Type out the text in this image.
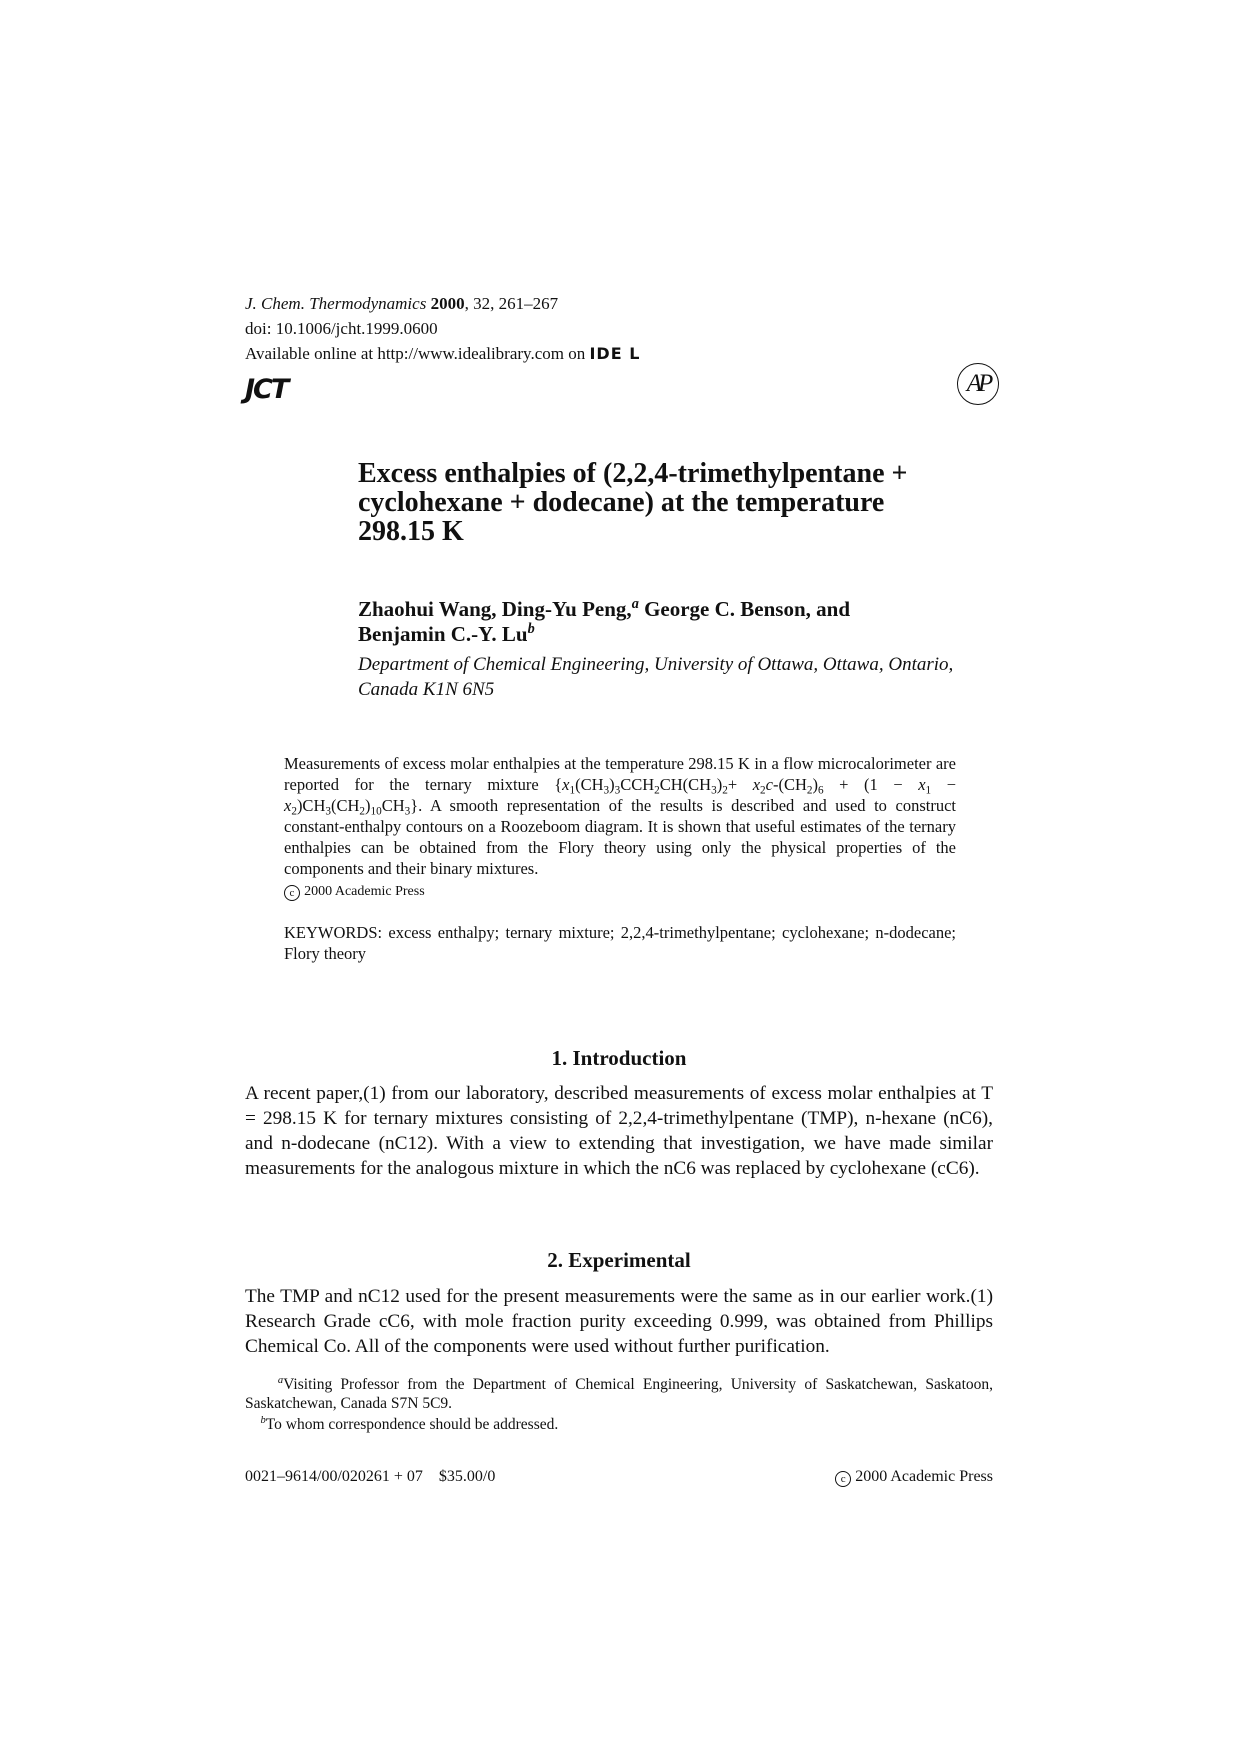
J. Chem. Thermodynamics 2000, 32, 261–267
doi: 10.1006/jcht.1999.0600
Available online at http://www.idealibrary.com on IDE L
JCT	AP
Excess enthalpies of (2,2,4-trimethylpentane + cyclohexane + dodecane) at the temperature 298.15 K
Zhaohui Wang, Ding-Yu Peng,$^a$ George C. Benson, and
Benjamin C.-Y. Lu$^b$
Department of Chemical Engineering, University of Ottawa, Ottawa, Ontario, Canada K1N 6N5

Measurements of excess molar enthalpies at the temperature 298.15 K in a flow microcalorimeter are reported for the ternary mixture $\{x_1(CH_3)_3CCH_2CH(CH_3)_2+ x_2c-(CH_2)_6 + (1 - x_1 - x_2)CH_3(CH_2)_{10}CH_3\}$. A smooth representation of the results is described and used to construct constant-enthalpy contours on a Roozeboom diagram. It is shown that useful estimates of the ternary enthalpies can be obtained from the Flory theory using only the physical properties of the components and their binary mixtures.
c 2000 Academic Press

KEYWORDS: excess enthalpy; ternary mixture; 2,2,4-trimethylpentane; cyclohexane; n-dodecane; Flory theory

1. Introduction

A recent paper,(1) from our laboratory, described measurements of excess molar enthalpies at T = 298.15 K for ternary mixtures consisting of 2,2,4-trimethylpentane (TMP), n-hexane (nC6), and n-dodecane (nC12). With a view to extending that investigation, we have made similar measurements for the analogous mixture in which the nC6 was replaced by cyclohexane (cC6).

2. Experimental

The TMP and nC12 used for the present measurements were the same as in our earlier work.(1) Research Grade cC6, with mole fraction purity exceeding 0.999, was obtained from Phillips Chemical Co. All of the components were used without further purification.

$^a$Visiting Professor from the Department of Chemical Engineering, University of Saskatchewan, Saskatoon, Saskatchewan, Canada S7N 5C9.
$^b$To whom correspondence should be addressed.
0021–9614/00/020261 + 07    $35.00/0	c 2000 Academic Press
